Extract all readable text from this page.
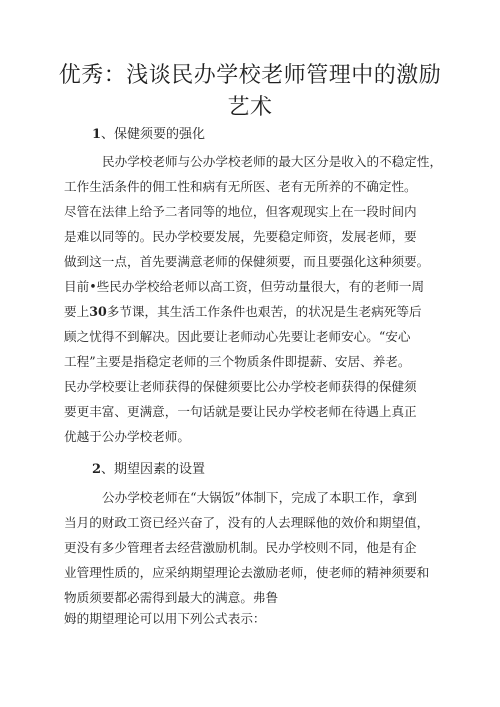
优秀：浅谈民办学校老师管理中的激励
艺术
1、保健须要的强化
民办学校老师与公办学校老师的最大区分是收入的不稳定性，
工作生活条件的佣工性和病有无所医、老有无所养的不确定性。
尽管在法律上给予二者同等的地位，但客观现实上在一段时间内
是难以同等的。民办学校要发展，先要稳定师资，发展老师，要
做到这一点，首先要满意老师的保健须要，而且要强化这种须要。
目前•些民办学校给老师以高工资，但劳动量很大，有的老师一周
要上30多节课，其生活工作条件也艰苦，的状况是生老病死等后
顾之忧得不到解决。因此要让老师动心先要让老师安心。“安心
工程”主要是指稳定老师的三个物质条件即提薪、安居、养老。
民办学校要让老师获得的保健须要比公办学校老师获得的保健须
要更丰富、更满意，一句话就是要让民办学校老师在待遇上真正
优越于公办学校老师。
2、期望因素的设置
公办学校老师在“大锅饭”体制下，完成了本职工作，拿到
当月的财政工资已经兴奋了，没有的人去理睬他的效价和期望值，
更没有多少管理者去经营激励机制。民办学校则不同，他是有企
业管理性质的，应采纳期望理论去激励老师，使老师的精神须要和
物质须要都必需得到最大的满意。弗鲁
姆的期望理论可以用下列公式表示：
